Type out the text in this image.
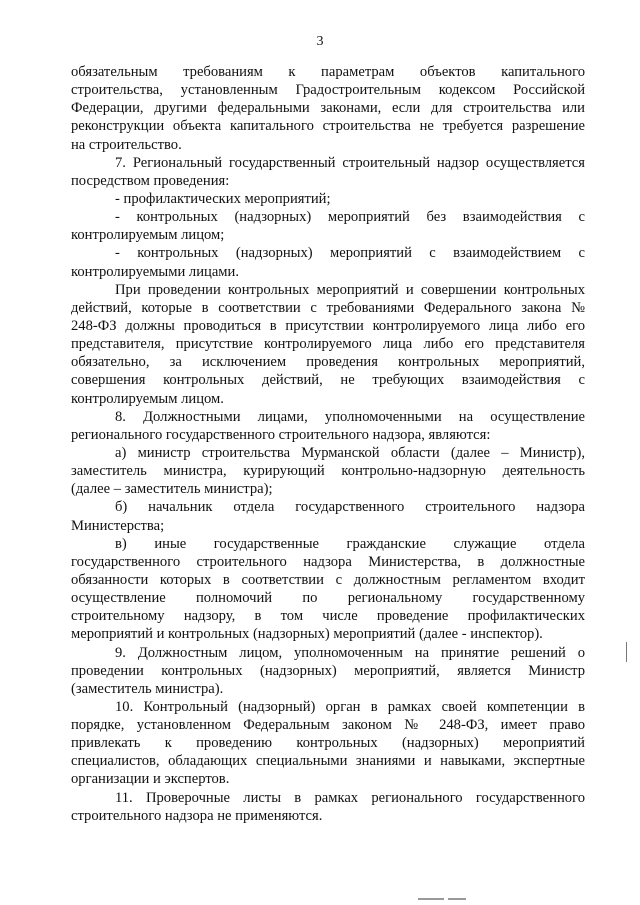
3
обязательным требованиям к параметрам объектов капитального
строительства, установленным Градостроительным кодексом Российской
Федерации, другими федеральными законами, если для строительства или
реконструкции объекта капитального строительства не требуется разрешение
на строительство.
7. Региональный государственный строительный надзор осуществляется
посредством проведения:
- профилактических мероприятий;
- контрольных (надзорных) мероприятий без взаимодействия с
контролируемым лицом;
- контрольных (надзорных) мероприятий с взаимодействием с
контролируемыми лицами.
При проведении контрольных мероприятий и совершении контрольных
действий, которые в соответствии с требованиями Федерального закона №
248-ФЗ должны проводиться в присутствии контролируемого лица либо его
представителя, присутствие контролируемого лица либо его представителя
обязательно, за исключением проведения контрольных мероприятий,
совершения контрольных действий, не требующих взаимодействия с
контролируемым лицом.
8. Должностными лицами, уполномоченными на осуществление
регионального государственного строительного надзора, являются:
а) министр строительства Мурманской области (далее – Министр),
заместитель министра, курирующий контрольно-надзорную деятельность
(далее – заместитель министра);
б) начальник отдела государственного строительного надзора
Министерства;
в) иные государственные гражданские служащие отдела
государственного строительного надзора Министерства, в должностные
обязанности которых в соответствии с должностным регламентом входит
осуществление полномочий по региональному государственному
строительному надзору, в том числе проведение профилактических
мероприятий и контрольных (надзорных) мероприятий (далее - инспектор).
9. Должностным лицом, уполномоченным на принятие решений о
проведении контрольных (надзорных) мероприятий, является Министр
(заместитель министра).
10. Контрольный (надзорный) орган в рамках своей компетенции в
порядке, установленном Федеральным законом № 248-ФЗ, имеет право
привлекать к проведению контрольных (надзорных) мероприятий
специалистов, обладающих специальными знаниями и навыками, экспертные
организации и экспертов.
11. Проверочные листы в рамках регионального государственного
строительного надзора не применяются.
